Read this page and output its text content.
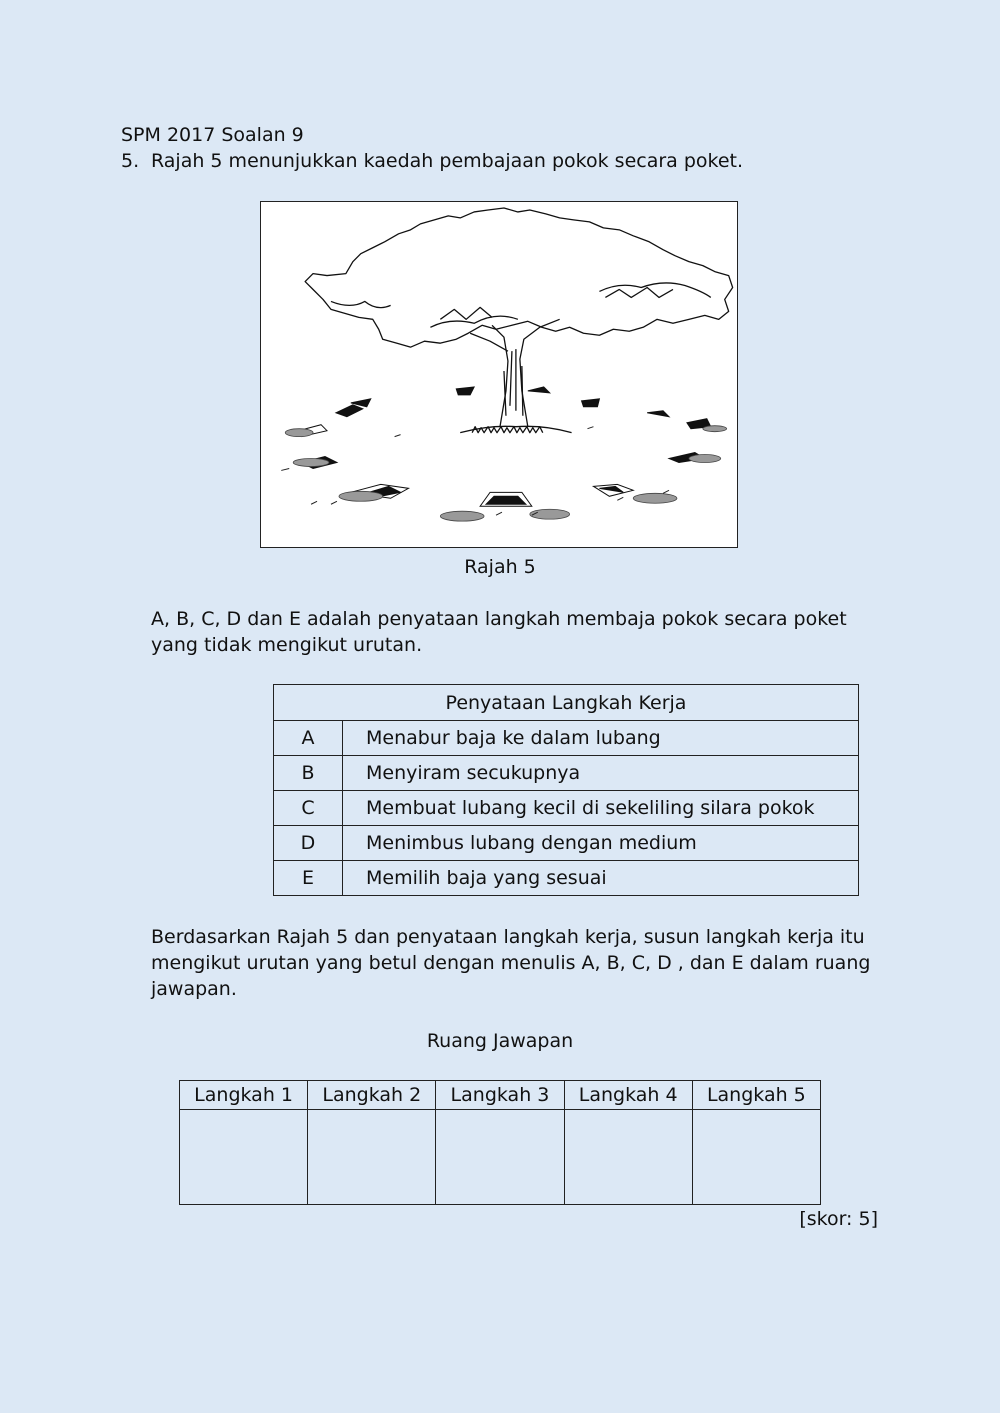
SPM 2017 Soalan 9
5. Rajah 5 menunjukkan kaedah pembajaan pokok secara poket.
Rajah 5
A, B, C, D dan E adalah penyataan langkah membaja pokok secara poket yang tidak mengikut urutan.
Penyataan Langkah Kerja	
A	Menabur baja ke dalam lubang
B	Menyiram secukupnya
C	Membuat lubang kecil di sekeliling silara pokok
D	Menimbus lubang dengan medium
E	Memilih baja yang sesuai
Berdasarkan Rajah 5 dan penyataan langkah kerja, susun langkah kerja itu mengikut urutan yang betul dengan menulis A, B, C, D , dan E dalam ruang jawapan.
Ruang Jawapan
Langkah 1	Langkah 2	Langkah 3	Langkah 4	Langkah 5

[skor: 5]
